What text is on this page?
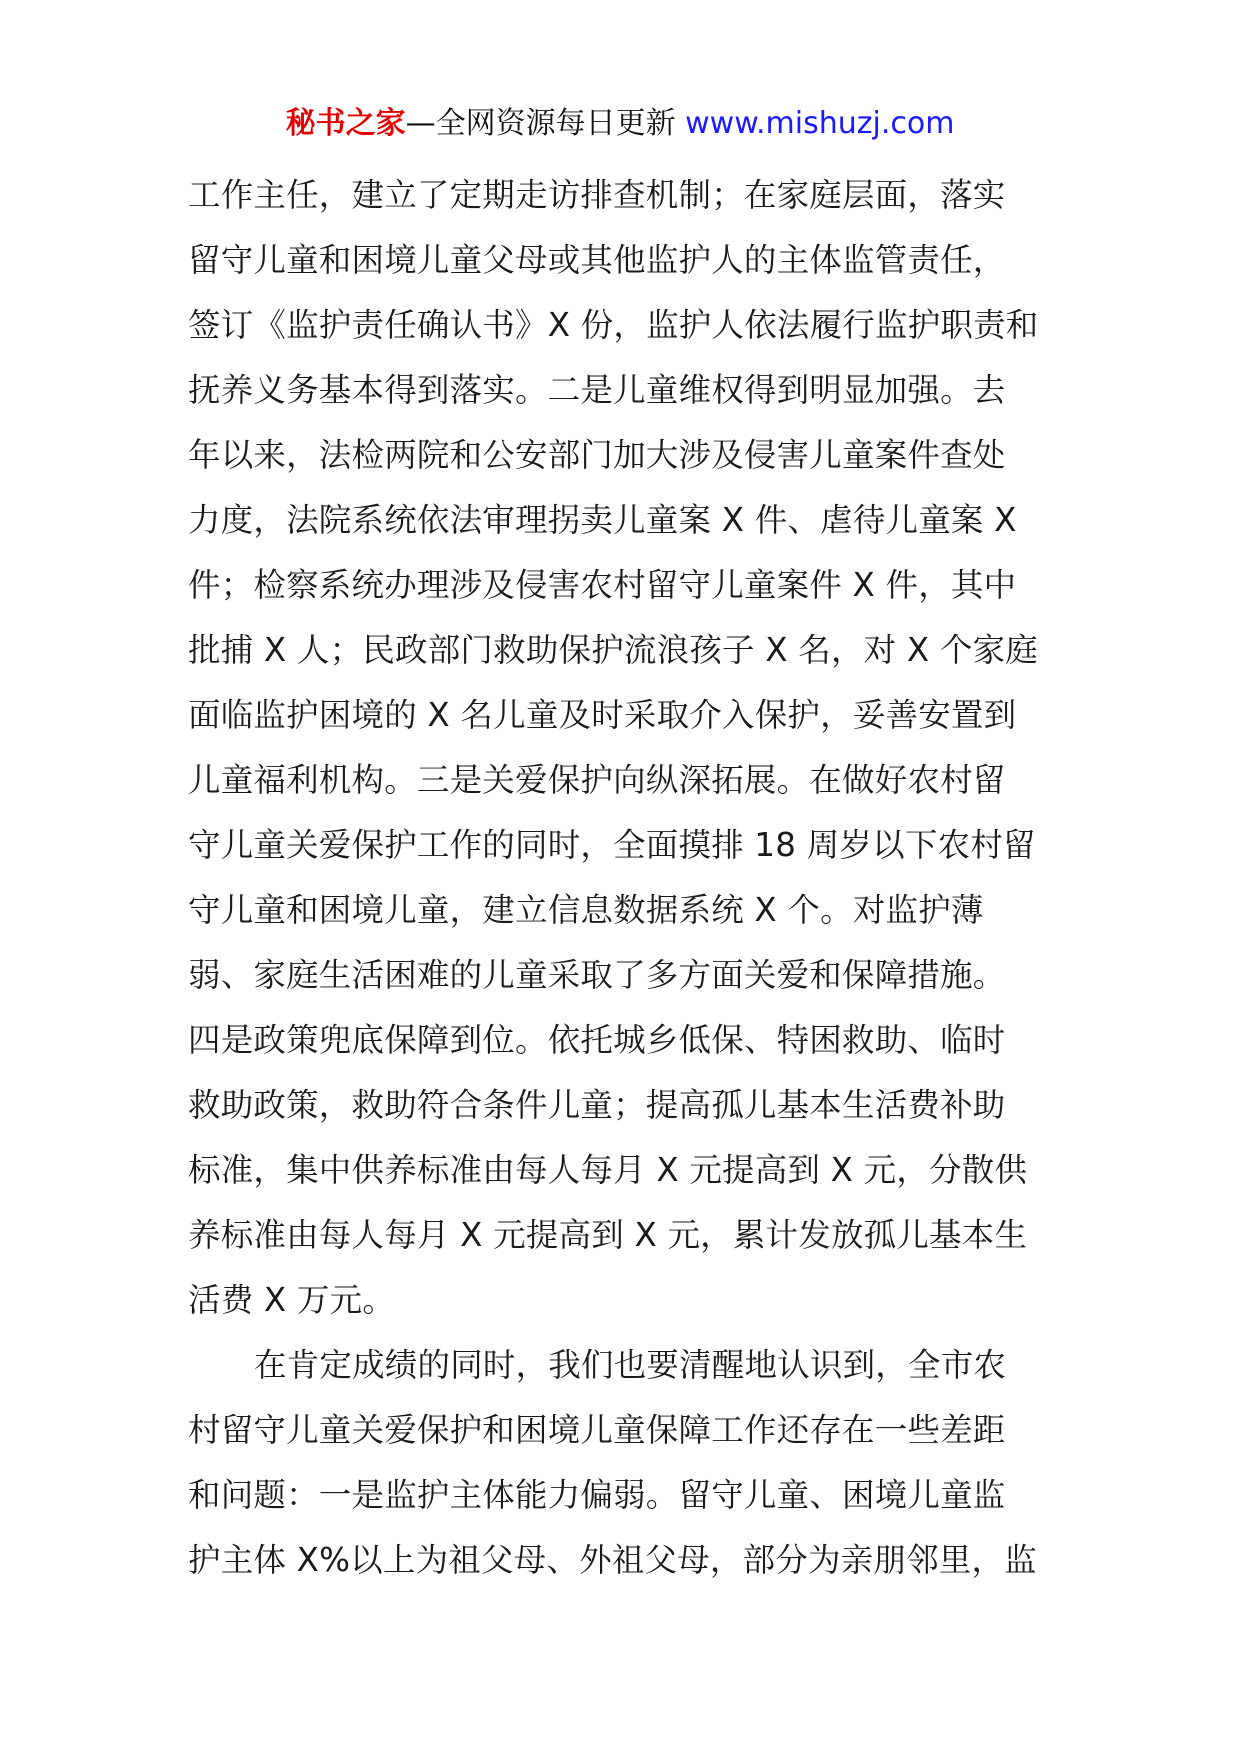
秘书之家—全网资源每日更新 www.mishuzj.com
工作主任，建立了定期走访排查机制；在家庭层面，落实
留守儿童和困境儿童父母或其他监护人的主体监管责任，
签订《监护责任确认书》X 份，监护人依法履行监护职责和
抚养义务基本得到落实。二是儿童维权得到明显加强。去
年以来，法检两院和公安部门加大涉及侵害儿童案件查处
力度，法院系统依法审理拐卖儿童案 X 件、虐待儿童案 X
件；检察系统办理涉及侵害农村留守儿童案件 X 件，其中
批捕 X 人；民政部门救助保护流浪孩子 X 名，对 X 个家庭
面临监护困境的 X 名儿童及时采取介入保护，妥善安置到
儿童福利机构。三是关爱保护向纵深拓展。在做好农村留
守儿童关爱保护工作的同时，全面摸排 18 周岁以下农村留
守儿童和困境儿童，建立信息数据系统 X 个。对监护薄
弱、家庭生活困难的儿童采取了多方面关爱和保障措施。
四是政策兜底保障到位。依托城乡低保、特困救助、临时
救助政策，救助符合条件儿童；提高孤儿基本生活费补助
标准，集中供养标准由每人每月 X 元提高到 X 元，分散供
养标准由每人每月 X 元提高到 X 元，累计发放孤儿基本生
活费 X 万元。
在肯定成绩的同时，我们也要清醒地认识到，全市农
村留守儿童关爱保护和困境儿童保障工作还存在一些差距
和问题：一是监护主体能力偏弱。留守儿童、困境儿童监
护主体 X%以上为祖父母、外祖父母，部分为亲朋邻里，监
